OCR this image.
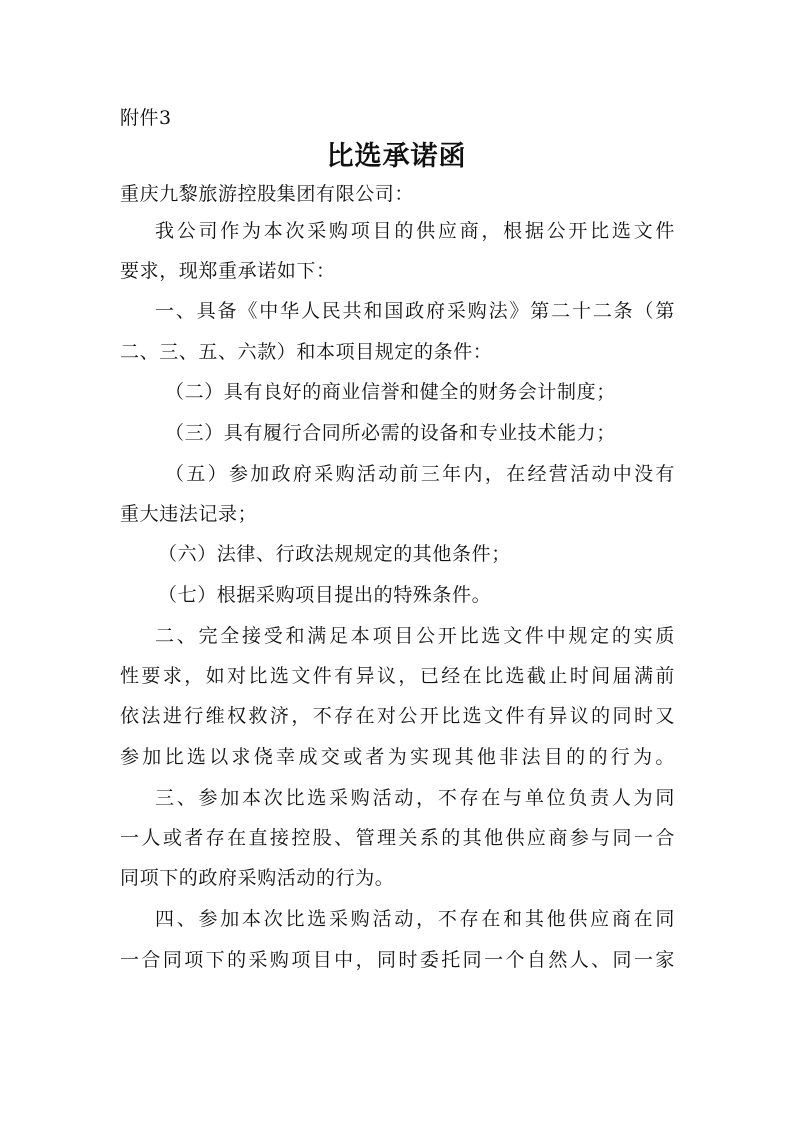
附件3
比选承诺函
重庆九黎旅游控股集团有限公司：
我公司作为本次采购项目的供应商，根据公开比选文件
要求，现郑重承诺如下：
一、具备《中华人民共和国政府采购法》第二十二条（第
二、三、五、六款）和本项目规定的条件：
（二）具有良好的商业信誉和健全的财务会计制度；
（三）具有履行合同所必需的设备和专业技术能力；
（五）参加政府采购活动前三年内，在经营活动中没有
重大违法记录；
（六）法律、行政法规规定的其他条件；
（七）根据采购项目提出的特殊条件。
二、完全接受和满足本项目公开比选文件中规定的实质
性要求，如对比选文件有异议，已经在比选截止时间届满前
依法进行维权救济，不存在对公开比选文件有异议的同时又
参加比选以求侥幸成交或者为实现其他非法目的的行为。
三、参加本次比选采购活动，不存在与单位负责人为同
一人或者存在直接控股、管理关系的其他供应商参与同一合
同项下的政府采购活动的行为。
四、参加本次比选采购活动，不存在和其他供应商在同
一合同项下的采购项目中，同时委托同一个自然人、同一家
